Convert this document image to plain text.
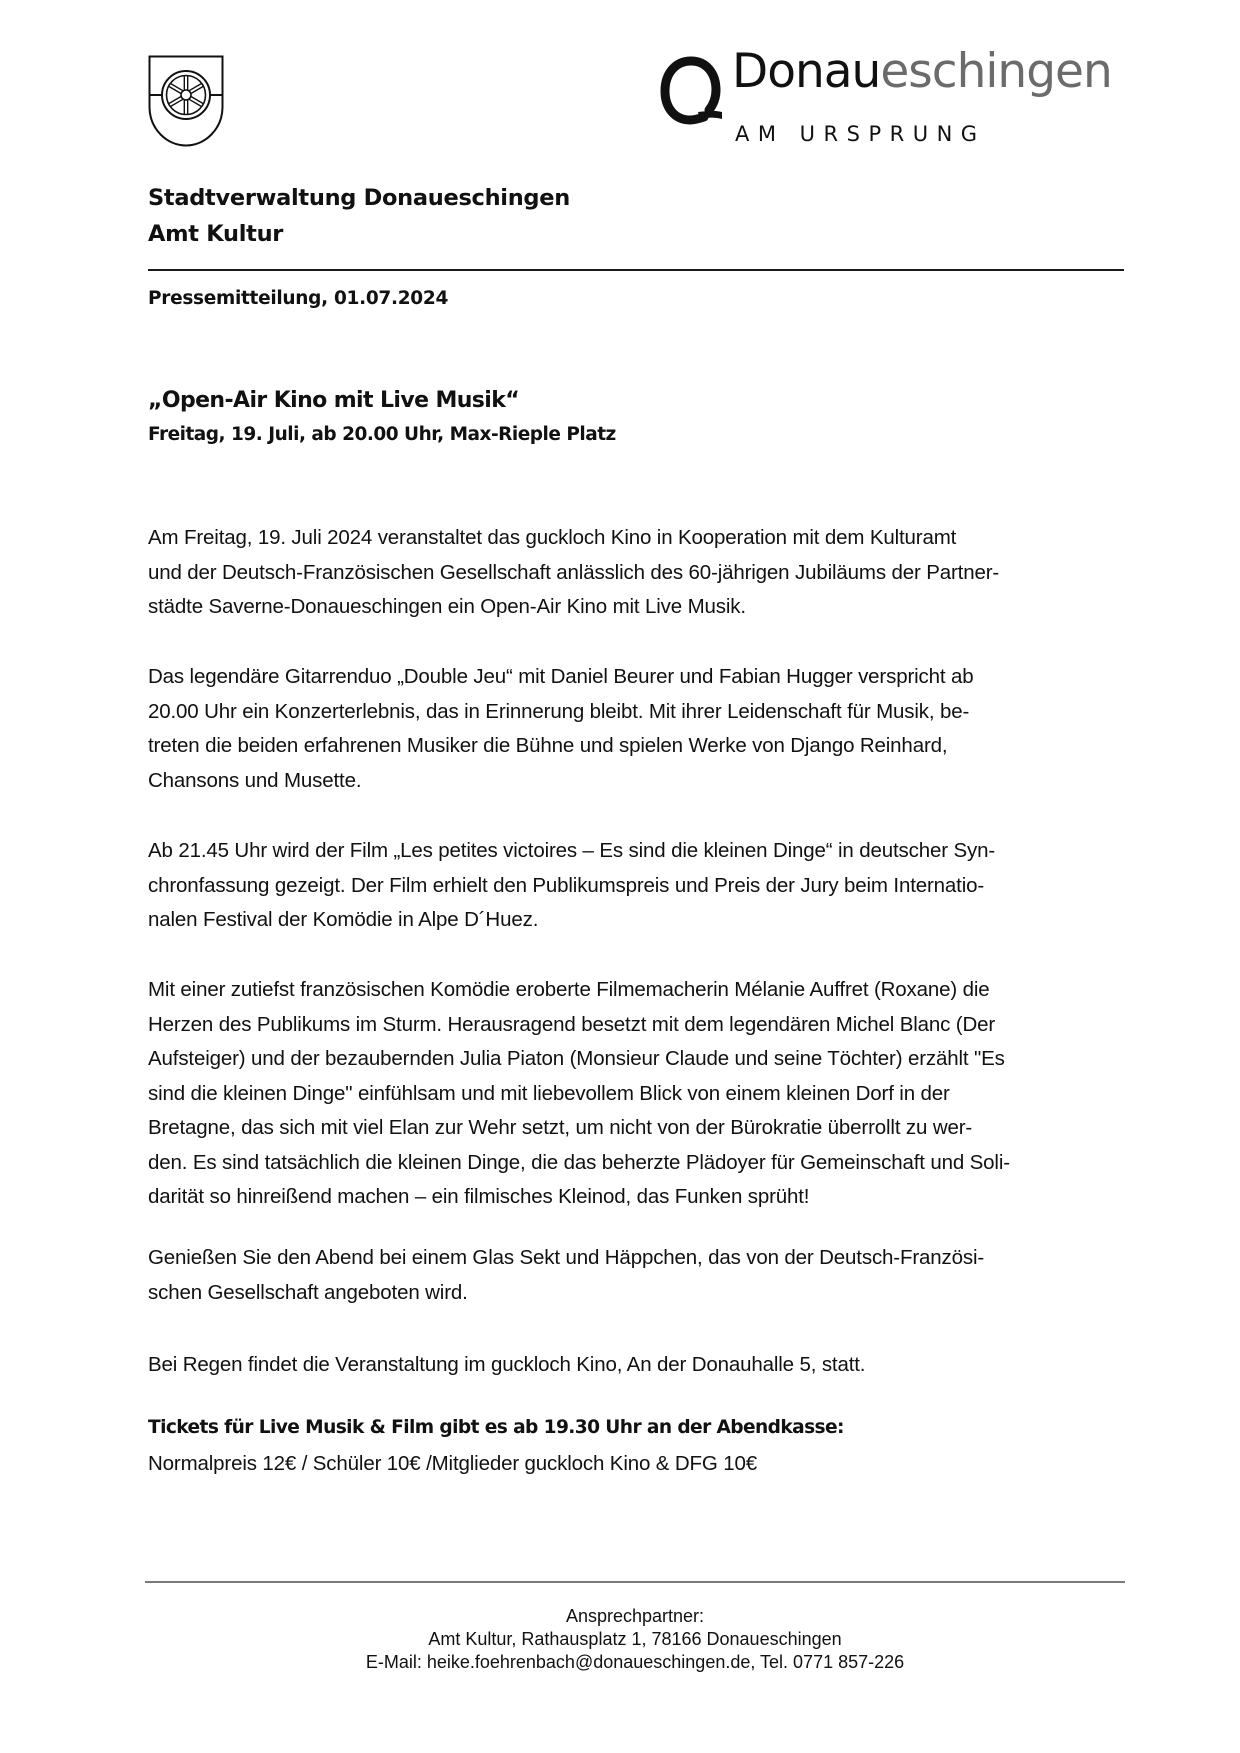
Donaueschingen
AM URSPRUNG
Stadtverwaltung Donaueschingen
Amt Kultur
Pressemitteilung, 01.07.2024
„Open-Air Kino mit Live Musik“
Freitag, 19. Juli, ab 20.00 Uhr, Max-Rieple Platz
Am Freitag, 19. Juli 2024 veranstaltet das guckloch Kino in Kooperation mit dem Kulturamt
und der Deutsch-Französischen Gesellschaft anlässlich des 60-jährigen Jubiläums der Partner-
städte Saverne-Donaueschingen ein Open-Air Kino mit Live Musik.
Das legendäre Gitarrenduo „Double Jeu“ mit Daniel Beurer und Fabian Hugger verspricht ab
20.00 Uhr ein Konzerterlebnis, das in Erinnerung bleibt. Mit ihrer Leidenschaft für Musik, be-
treten die beiden erfahrenen Musiker die Bühne und spielen Werke von Django Reinhard,
Chansons und Musette.
Ab 21.45 Uhr wird der Film „Les petites victoires – Es sind die kleinen Dinge“ in deutscher Syn-
chronfassung gezeigt. Der Film erhielt den Publikumspreis und Preis der Jury beim Internatio-
nalen Festival der Komödie in Alpe D´Huez.
Mit einer zutiefst französischen Komödie eroberte Filmemacherin Mélanie Auffret (Roxane) die
Herzen des Publikums im Sturm. Herausragend besetzt mit dem legendären Michel Blanc (Der
Aufsteiger) und der bezaubernden Julia Piaton (Monsieur Claude und seine Töchter) erzählt "Es
sind die kleinen Dinge" einfühlsam und mit liebevollem Blick von einem kleinen Dorf in der
Bretagne, das sich mit viel Elan zur Wehr setzt, um nicht von der Bürokratie überrollt zu wer-
den. Es sind tatsächlich die kleinen Dinge, die das beherzte Plädoyer für Gemeinschaft und Soli-
darität so hinreißend machen – ein filmisches Kleinod, das Funken sprüht!
Genießen Sie den Abend bei einem Glas Sekt und Häppchen, das von der Deutsch-Französi-
schen Gesellschaft angeboten wird.
Bei Regen findet die Veranstaltung im guckloch Kino, An der Donauhalle 5, statt.
Tickets für Live Musik & Film gibt es ab 19.30 Uhr an der Abendkasse:
Normalpreis 12€ / Schüler 10€ /Mitglieder guckloch Kino & DFG 10€
Ansprechpartner:
Amt Kultur, Rathausplatz 1, 78166 Donaueschingen
E-Mail: heike.foehrenbach@donaueschingen.de, Tel. 0771 857-226
